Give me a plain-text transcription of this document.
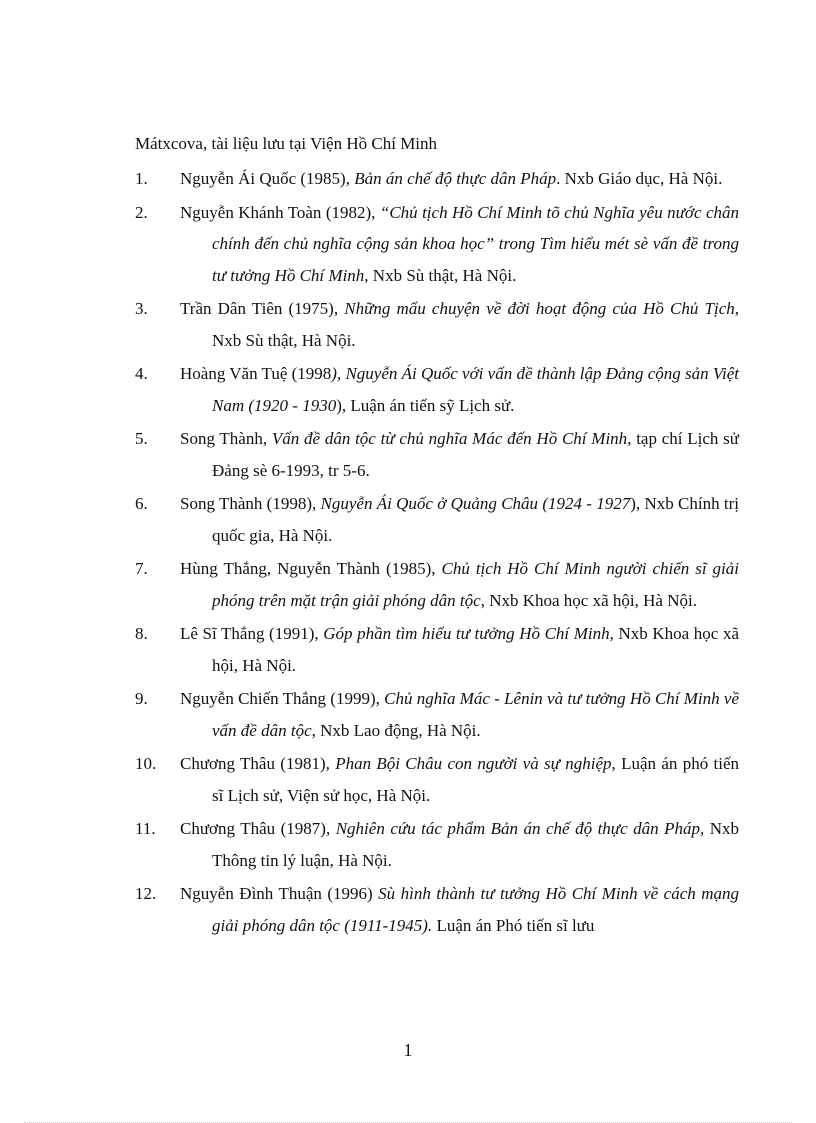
Mátxcova, tài liệu lưu tại Viện Hồ Chí Minh
1.	Nguyễn Ái Quốc (1985), Bản án chế độ thực dân Pháp. Nxb Giáo dục, Hà Nội.
2.	Nguyễn Khánh Toàn (1982), “Chủ tịch Hồ Chí Minh tõ chủ Nghĩa yêu nước chân chính đến chủ nghĩa cộng sản khoa học” trong Tìm hiểu mét sè vấn đề trong tư tưởng Hồ Chí Minh, Nxb Sù thật, Hà Nội.
3.	Trần Dân Tiên (1975), Những mẩu chuyện về đời hoạt động của Hồ Chủ Tịch, Nxb Sù thật, Hà Nội.
4.	Hoàng Văn Tuệ (1998), Nguyễn Ái Quốc với vấn đề thành lập Đảng cộng sản Việt Nam (1920 - 1930), Luận án tiến sỹ Lịch sử.
5.	Song Thành, Vấn đề dân tộc từ chủ nghĩa Mác đến Hồ Chí Minh, tạp chí Lịch sử Đảng sè 6-1993, tr 5-6.
6.	Song Thành (1998), Nguyễn Ái Quốc ở Quảng Châu (1924 - 1927), Nxb Chính trị quốc gia, Hà Nội.
7.	Hùng Thắng, Nguyễn Thành (1985), Chủ tịch Hồ Chí Minh người chiến sĩ giải phóng trên mặt trận giải phóng dân tộc, Nxb Khoa học xã hội, Hà Nội.
8.	Lê Sĩ Thắng (1991), Góp phần tìm hiểu tư tưởng Hồ Chí Minh, Nxb Khoa học xã hội, Hà Nội.
9.	Nguyễn Chiến Thắng (1999), Chủ nghĩa Mác - Lênin và tư tưởng Hồ Chí Minh về vấn đề dân tộc, Nxb Lao động, Hà Nội.
10.	Chương Thâu (1981), Phan Bội Châu con người và sự nghiệp, Luận án phó tiến sĩ Lịch sử, Viện sử học, Hà Nội.
11.	Chương Thâu (1987), Nghiên cứu tác phẩm Bản án chế độ thực dân Pháp, Nxb Thông tin lý luận, Hà Nội.
12.	Nguyễn Đình Thuận (1996) Sù hình thành tư tưởng Hồ Chí Minh về cách mạng giải phóng dân tộc (1911-1945). Luận án Phó tiến sĩ lưu
1
